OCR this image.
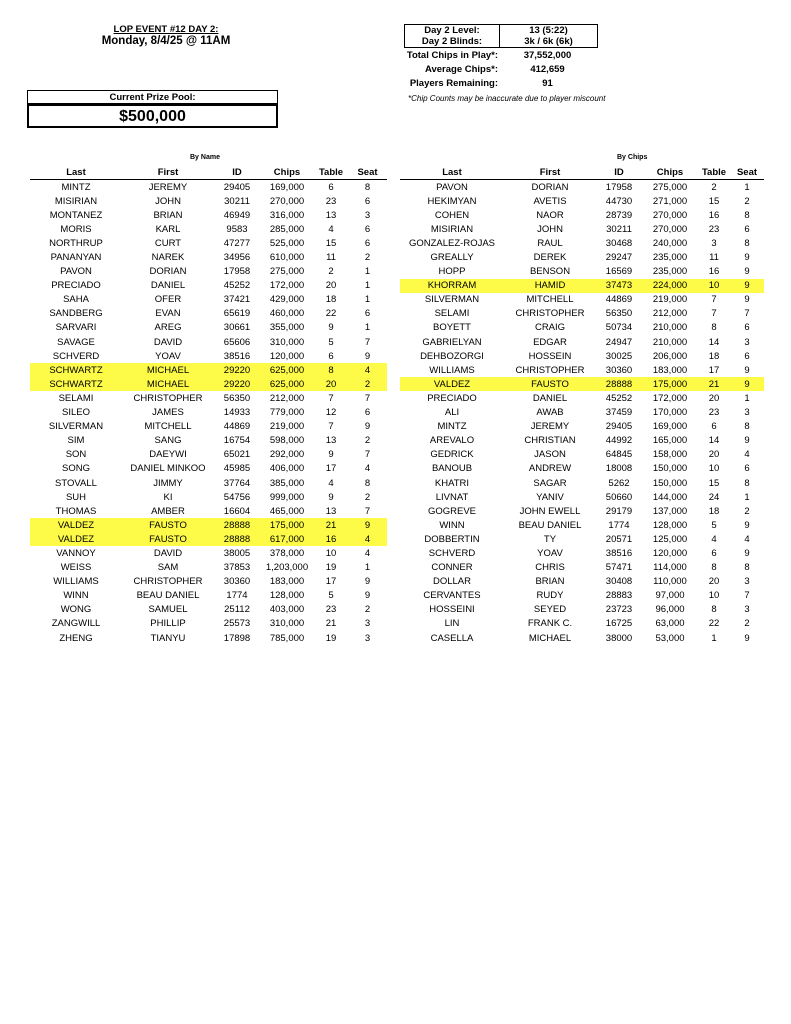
LOP EVENT #12 DAY 2:
Monday, 8/4/25 @ 11AM
Current Prize Pool:
$500,000
Day 2 Level:	13 (5:22)
Day 2 Blinds:	3k / 6k (6k)
Total Chips in Play*:	37,552,000
Average Chips*:	412,659
Players Remaining:	91
*Chip Counts may be inaccurate due to player miscount
By Name	By Chips
Last	First	ID	Chips	Table	Seat
MINTZ	JEREMY	29405	169,000	6	8
MISIRIAN	JOHN	30211	270,000	23	6
MONTANEZ	BRIAN	46949	316,000	13	3
MORIS	KARL	9583	285,000	4	6
NORTHRUP	CURT	47277	525,000	15	6
PANANYAN	NAREK	34956	610,000	11	2
PAVON	DORIAN	17958	275,000	2	1
PRECIADO	DANIEL	45252	172,000	20	1
SAHA	OFER	37421	429,000	18	1
SANDBERG	EVAN	65619	460,000	22	6
SARVARI	AREG	30661	355,000	9	1
SAVAGE	DAVID	65606	310,000	5	7
SCHVERD	YOAV	38516	120,000	6	9
SCHWARTZ	MICHAEL	29220	625,000	8	4
SCHWARTZ	MICHAEL	29220	625,000	20	2
SELAMI	CHRISTOPHER	56350	212,000	7	7
SILEO	JAMES	14933	779,000	12	6
SILVERMAN	MITCHELL	44869	219,000	7	9
SIM	SANG	16754	598,000	13	2
SON	DAEYWI	65021	292,000	9	7
SONG	DANIEL MINKOO	45985	406,000	17	4
STOVALL	JIMMY	37764	385,000	4	8
SUH	KI	54756	999,000	9	2
THOMAS	AMBER	16604	465,000	13	7
VALDEZ	FAUSTO	28888	175,000	21	9
VALDEZ	FAUSTO	28888	617,000	16	4
VANNOY	DAVID	38005	378,000	10	4
WEISS	SAM	37853	1,203,000	19	1
WILLIAMS	CHRISTOPHER	30360	183,000	17	9
WINN	BEAU DANIEL	1774	128,000	5	9
WONG	SAMUEL	25112	403,000	23	2
ZANGWILL	PHILLIP	25573	310,000	21	3
ZHENG	TIANYU	17898	785,000	19	3
Last	First	ID	Chips	Table	Seat
PAVON	DORIAN	17958	275,000	2	1
HEKIMYAN	AVETIS	44730	271,000	15	2
COHEN	NAOR	28739	270,000	16	8
MISIRIAN	JOHN	30211	270,000	23	6
GONZALEZ-ROJAS	RAUL	30468	240,000	3	8
GREALLY	DEREK	29247	235,000	11	9
HOPP	BENSON	16569	235,000	16	9
KHORRAM	HAMID	37473	224,000	10	9
SILVERMAN	MITCHELL	44869	219,000	7	9
SELAMI	CHRISTOPHER	56350	212,000	7	7
BOYETT	CRAIG	50734	210,000	8	6
GABRIELYAN	EDGAR	24947	210,000	14	3
DEHBOZORGI	HOSSEIN	30025	206,000	18	6
WILLIAMS	CHRISTOPHER	30360	183,000	17	9
VALDEZ	FAUSTO	28888	175,000	21	9
PRECIADO	DANIEL	45252	172,000	20	1
ALI	AWAB	37459	170,000	23	3
MINTZ	JEREMY	29405	169,000	6	8
AREVALO	CHRISTIAN	44992	165,000	14	9
GEDRICK	JASON	64845	158,000	20	4
BANOUB	ANDREW	18008	150,000	10	6
KHATRI	SAGAR	5262	150,000	15	8
LIVNAT	YANIV	50660	144,000	24	1
GOGREVE	JOHN EWELL	29179	137,000	18	2
WINN	BEAU DANIEL	1774	128,000	5	9
DOBBERTIN	TY	20571	125,000	4	4
SCHVERD	YOAV	38516	120,000	6	9
CONNER	CHRIS	57471	114,000	8	8
DOLLAR	BRIAN	30408	110,000	20	3
CERVANTES	RUDY	28883	97,000	10	7
HOSSEINI	SEYED	23723	96,000	8	3
LIN	FRANK C.	16725	63,000	22	2
CASELLA	MICHAEL	38000	53,000	1	9
